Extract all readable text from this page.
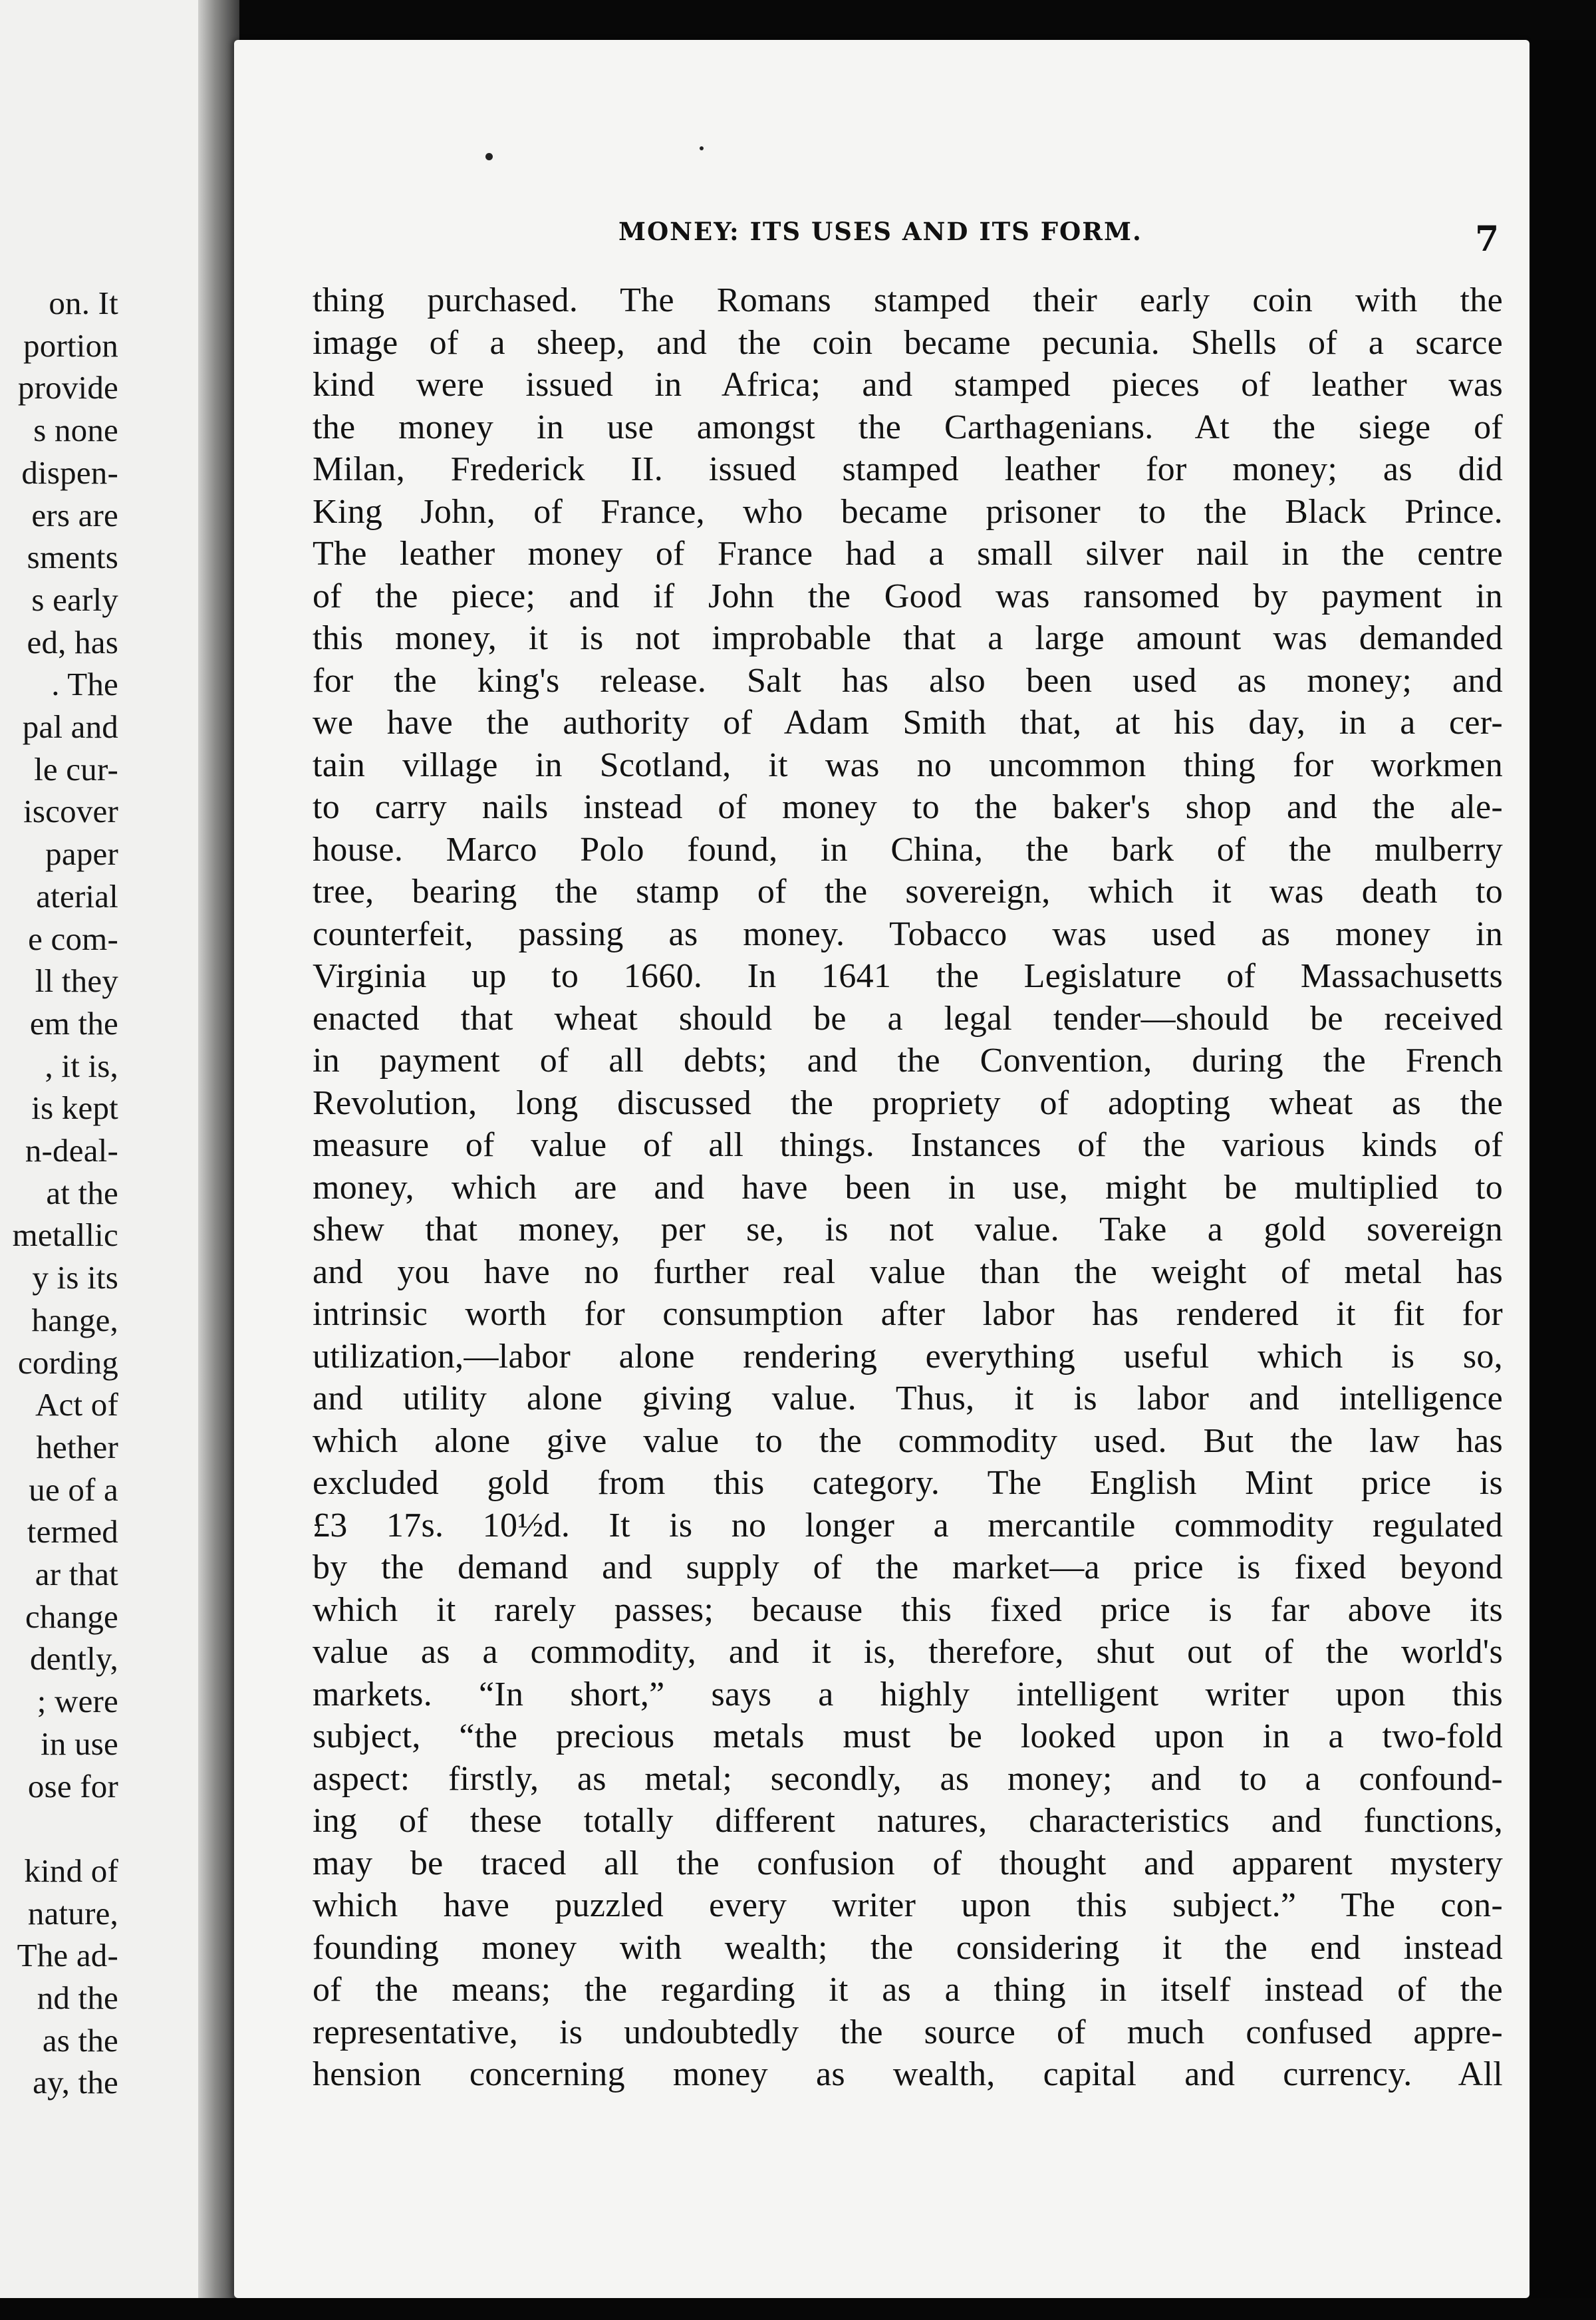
on. It
portion
provide
s none
dispen-
ers are
sments
s early
ed, has
. The
pal and
le cur-
iscover
paper
aterial
e com-
ll they
em the
, it is,
is kept
n-deal-
at the
metallic
y is its
hange,
cording
Act of
hether
ue of a
termed
ar that
change
dently,
; were
in use
ose for
kind of
nature,
The ad-
nd the
as the
ay, the
MONEY: ITS USES AND ITS FORM.	7
thing purchased. The Romans stamped their early coin with the
image of a sheep, and the coin became pecunia. Shells of a scarce
kind were issued in Africa; and stamped pieces of leather was
the money in use amongst the Carthagenians. At the siege of
Milan, Frederick II. issued stamped leather for money; as did
King John, of France, who became prisoner to the Black Prince.
The leather money of France had a small silver nail in the centre
of the piece; and if John the Good was ransomed by payment in
this money, it is not improbable that a large amount was demanded
for the king's release. Salt has also been used as money; and
we have the authority of Adam Smith that, at his day, in a cer-
tain village in Scotland, it was no uncommon thing for workmen
to carry nails instead of money to the baker's shop and the ale-
house. Marco Polo found, in China, the bark of the mulberry
tree, bearing the stamp of the sovereign, which it was death to
counterfeit, passing as money. Tobacco was used as money in
Virginia up to 1660. In 1641 the Legislature of Massachusetts
enacted that wheat should be a legal tender—should be received
in payment of all debts; and the Convention, during the French
Revolution, long discussed the propriety of adopting wheat as the
measure of value of all things. Instances of the various kinds of
money, which are and have been in use, might be multiplied to
shew that money, per se, is not value. Take a gold sovereign
and you have no further real value than the weight of metal has
intrinsic worth for consumption after labor has rendered it fit for
utilization,—labor alone rendering everything useful which is so,
and utility alone giving value. Thus, it is labor and intelligence
which alone give value to the commodity used. But the law has
excluded gold from this category. The English Mint price is
£3 17s. 10½d. It is no longer a mercantile commodity regulated
by the demand and supply of the market—a price is fixed beyond
which it rarely passes; because this fixed price is far above its
value as a commodity, and it is, therefore, shut out of the world's
markets. “In short,” says a highly intelligent writer upon this
subject, “the precious metals must be looked upon in a two-fold
aspect: firstly, as metal; secondly, as money; and to a confound-
ing of these totally different natures, characteristics and functions,
may be traced all the confusion of thought and apparent mystery
which have puzzled every writer upon this subject.” The con-
founding money with wealth; the considering it the end instead
of the means; the regarding it as a thing in itself instead of the
representative, is undoubtedly the source of much confused appre-
hension concerning money as wealth, capital and currency. All
